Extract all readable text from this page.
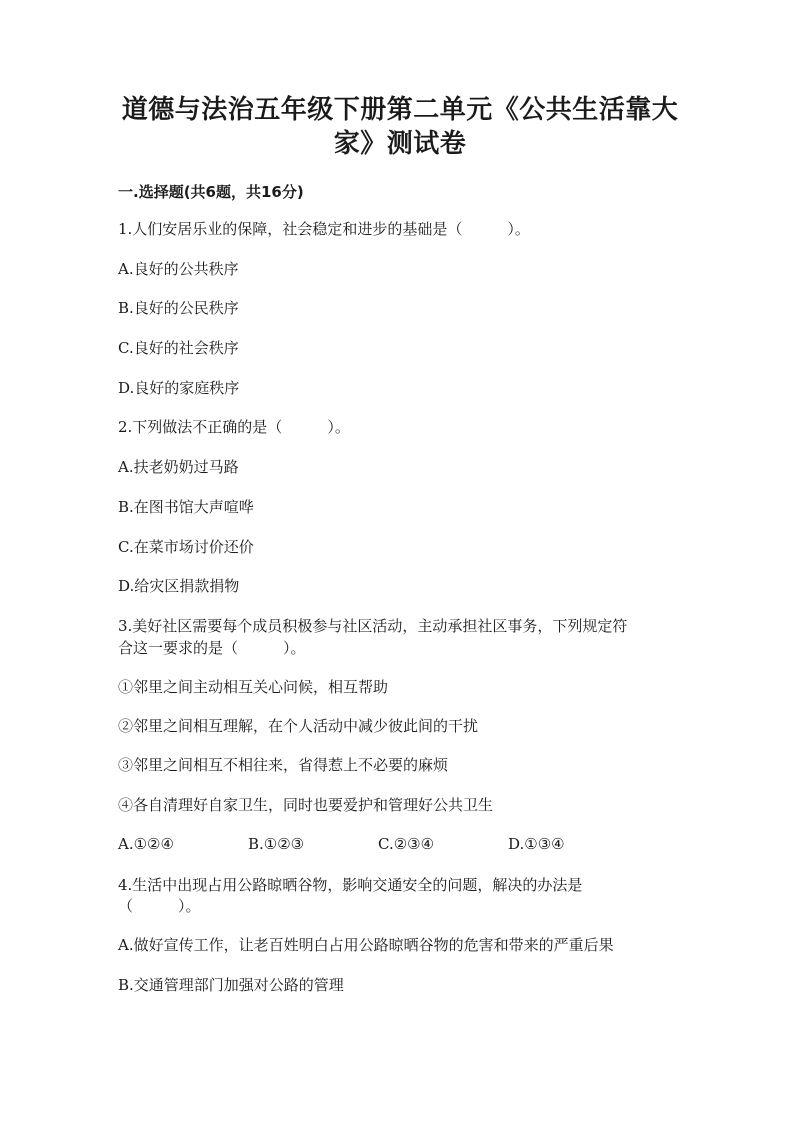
道德与法治五年级下册第二单元《公共生活靠大
家》测试卷
一.选择题(共6题，共16分)
1.人们安居乐业的保障，社会稳定和进步的基础是（　　　）。
A.良好的公共秩序
B.良好的公民秩序
C.良好的社会秩序
D.良好的家庭秩序
2.下列做法不正确的是（　　　）。
A.扶老奶奶过马路
B.在图书馆大声喧哗
C.在菜市场讨价还价
D.给灾区捐款捐物
3.美好社区需要每个成员积极参与社区活动，主动承担社区事务，下列规定符
合这一要求的是（　　　）。
①邻里之间主动相互关心问候，相互帮助
②邻里之间相互理解，在个人活动中减少彼此间的干扰
③邻里之间相互不相往来，省得惹上不必要的麻烦
④各自清理好自家卫生，同时也要爱护和管理好公共卫生
A.①②④	B.①②③	C.②③④	D.①③④
4.生活中出现占用公路晾晒谷物，影响交通安全的问题，解决的办法是
（　　　）。
A.做好宣传工作，让老百姓明白占用公路晾晒谷物的危害和带来的严重后果
B.交通管理部门加强对公路的管理
